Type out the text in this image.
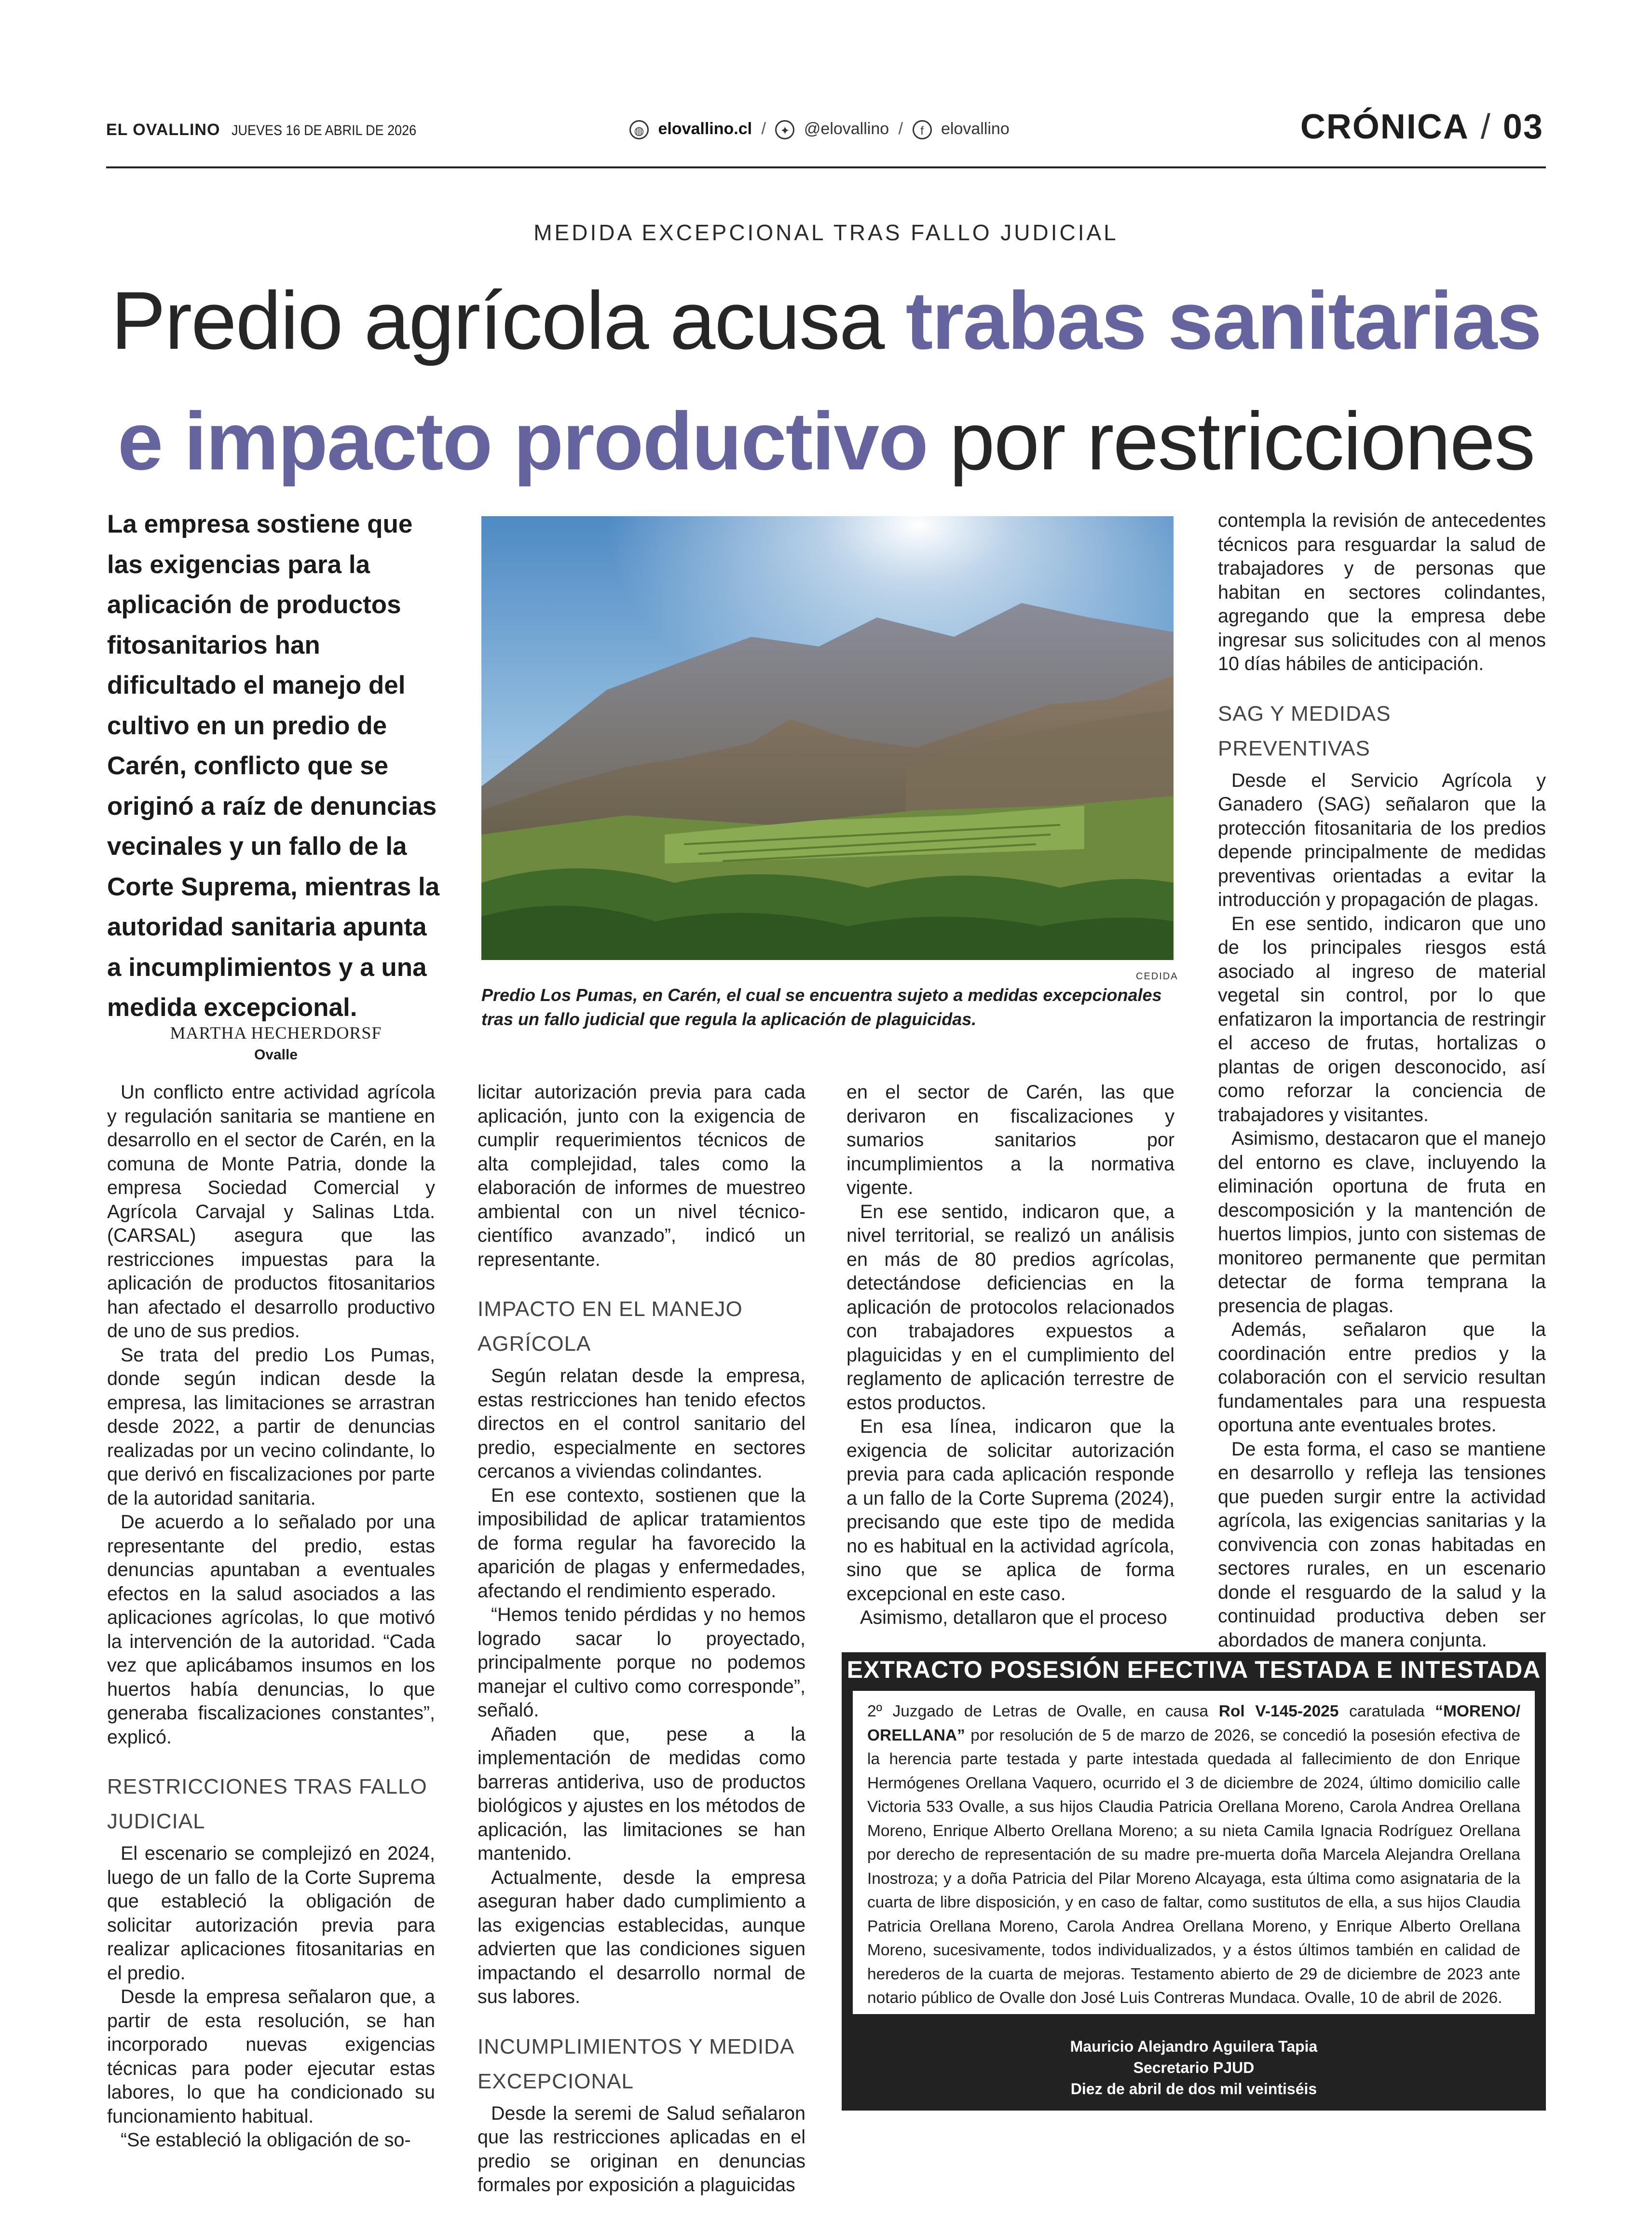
EL OVALLINO JUEVES 16 DE ABRIL DE 2026	◍ elovallino.cl / ✦ @elovallino / f elovallino	CRÓNICA / 03
MEDIDA EXCEPCIONAL TRAS FALLO JUDICIAL
Predio agrícola acusa trabas sanitarias e impacto productivo por restricciones
La empresa sostiene que las exigencias para la aplicación de productos fitosanitarios han dificultado el manejo del cultivo en un predio de Carén, conflicto que se originó a raíz de denuncias vecinales y un fallo de la Corte Suprema, mientras la autoridad sanitaria apunta a incumplimientos y a una medida excepcional.
MARTHA HECHERDORSF
Ovalle
CEDIDA
Predio Los Pumas, en Carén, el cual se encuentra sujeto a medidas excepcionales tras un fallo judicial que regula la aplicación de plaguicidas.

Un conflicto entre actividad agrícola y regulación sanitaria se mantiene en desarrollo en el sector de Carén, en la comuna de Monte Patria, donde la empresa Sociedad Comercial y Agrícola Carvajal y Salinas Ltda. (CARSAL) asegura que las restricciones impuestas para la aplicación de productos fitosanitarios han afectado el desarrollo productivo de uno de sus predios.

Se trata del predio Los Pumas, donde según indican desde la empresa, las limitaciones se arrastran desde 2022, a partir de denuncias realizadas por un vecino colindante, lo que derivó en fiscalizaciones por parte de la autoridad sanitaria.

De acuerdo a lo señalado por una representante del predio, estas denuncias apuntaban a eventuales efectos en la salud asociados a las aplicaciones agrícolas, lo que motivó la intervención de la autoridad. “Cada vez que aplicábamos insumos en los huertos había denuncias, lo que generaba fiscalizaciones constantes”, explicó.

RESTRICCIONES TRAS FALLO JUDICIAL

El escenario se complejizó en 2024, luego de un fallo de la Corte Suprema que estableció la obligación de solicitar autorización previa para realizar aplicaciones fitosanitarias en el predio.

Desde la empresa señalaron que, a partir de esta resolución, se han incorporado nuevas exigencias técnicas para poder ejecutar estas labores, lo que ha condicionado su funcionamiento habitual.

“Se estableció la obligación de so-

licitar autorización previa para cada aplicación, junto con la exigencia de cumplir requerimientos técnicos de alta complejidad, tales como la elaboración de informes de muestreo ambiental con un nivel técnico-científico avanzado”, indicó un representante.

IMPACTO EN EL MANEJO AGRÍCOLA

Según relatan desde la empresa, estas restricciones han tenido efectos directos en el control sanitario del predio, especialmente en sectores cercanos a viviendas colindantes.

En ese contexto, sostienen que la imposibilidad de aplicar tratamientos de forma regular ha favorecido la aparición de plagas y enfermedades, afectando el rendimiento esperado.

“Hemos tenido pérdidas y no hemos logrado sacar lo proyectado, principalmente porque no podemos manejar el cultivo como corresponde”, señaló.

Añaden que, pese a la implementación de medidas como barreras antideriva, uso de productos biológicos y ajustes en los métodos de aplicación, las limitaciones se han mantenido.

Actualmente, desde la empresa aseguran haber dado cumplimiento a las exigencias establecidas, aunque advierten que las condiciones siguen impactando el desarrollo normal de sus labores.

INCUMPLIMIENTOS Y MEDIDA EXCEPCIONAL

Desde la seremi de Salud señalaron que las restricciones aplicadas en el predio se originan en denuncias formales por exposición a plaguicidas

en el sector de Carén, las que derivaron en fiscalizaciones y sumarios sanitarios por incumplimientos a la normativa vigente.

En ese sentido, indicaron que, a nivel territorial, se realizó un análisis en más de 80 predios agrícolas, detectándose deficiencias en la aplicación de protocolos relacionados con trabajadores expuestos a plaguicidas y en el cumplimiento del reglamento de aplicación terrestre de estos productos.

En esa línea, indicaron que la exigencia de solicitar autorización previa para cada aplicación responde a un fallo de la Corte Suprema (2024), precisando que este tipo de medida no es habitual en la actividad agrícola, sino que se aplica de forma excepcional en este caso.

Asimismo, detallaron que el proceso

contempla la revisión de antecedentes técnicos para resguardar la salud de trabajadores y de personas que habitan en sectores colindantes, agregando que la empresa debe ingresar sus solicitudes con al menos 10 días hábiles de anticipación.

SAG Y MEDIDAS PREVENTIVAS

Desde el Servicio Agrícola y Ganadero (SAG) señalaron que la protección fitosanitaria de los predios depende principalmente de medidas preventivas orientadas a evitar la introducción y propagación de plagas.

En ese sentido, indicaron que uno de los principales riesgos está asociado al ingreso de material vegetal sin control, por lo que enfatizaron la importancia de restringir el acceso de frutas, hortalizas o plantas de origen desconocido, así como reforzar la conciencia de trabajadores y visitantes.

Asimismo, destacaron que el manejo del entorno es clave, incluyendo la eliminación oportuna de fruta en descomposición y la mantención de huertos limpios, junto con sistemas de monitoreo permanente que permitan detectar de forma temprana la presencia de plagas.

Además, señalaron que la coordinación entre predios y la colaboración con el servicio resultan fundamentales para una respuesta oportuna ante eventuales brotes.

De esta forma, el caso se mantiene en desarrollo y refleja las tensiones que pueden surgir entre la actividad agrícola, las exigencias sanitarias y la convivencia con zonas habitadas en sectores rurales, en un escenario donde el resguardo de la salud y la continuidad productiva deben ser abordados de manera conjunta.

EXTRACTO POSESIÓN EFECTIVA TESTADA E INTESTADA
2º Juzgado de Letras de Ovalle, en causa Rol V-145-2025 caratulada “MORENO/ ORELLANA” por resolución de 5 de marzo de 2026, se concedió la posesión efectiva de la herencia parte testada y parte intestada quedada al fallecimiento de don Enrique Hermógenes Orellana Vaquero, ocurrido el 3 de diciembre de 2024, último domicilio calle Victoria 533 Ovalle, a sus hijos Claudia Patricia Orellana Moreno, Carola Andrea Orellana Moreno, Enrique Alberto Orellana Moreno; a su nieta Camila Ignacia Rodríguez Orellana por derecho de representación de su madre pre-muerta doña Marcela Alejandra Orellana Inostroza; y a doña Patricia del Pilar Moreno Alcayaga, esta última como asignataria de la cuarta de libre disposición, y en caso de faltar, como sustitutos de ella, a sus hijos Claudia Patricia Orellana Moreno, Carola Andrea Orellana Moreno, y Enrique Alberto Orellana Moreno, sucesivamente, todos individualizados, y a éstos últimos también en calidad de herederos de la cuarta de mejoras. Testamento abierto de 29 de diciembre de 2023 ante notario público de Ovalle don José Luis Contreras Mundaca. Ovalle, 10 de abril de 2026.
Mauricio Alejandro Aguilera Tapia
Secretario PJUD
Diez de abril de dos mil veintiséis
